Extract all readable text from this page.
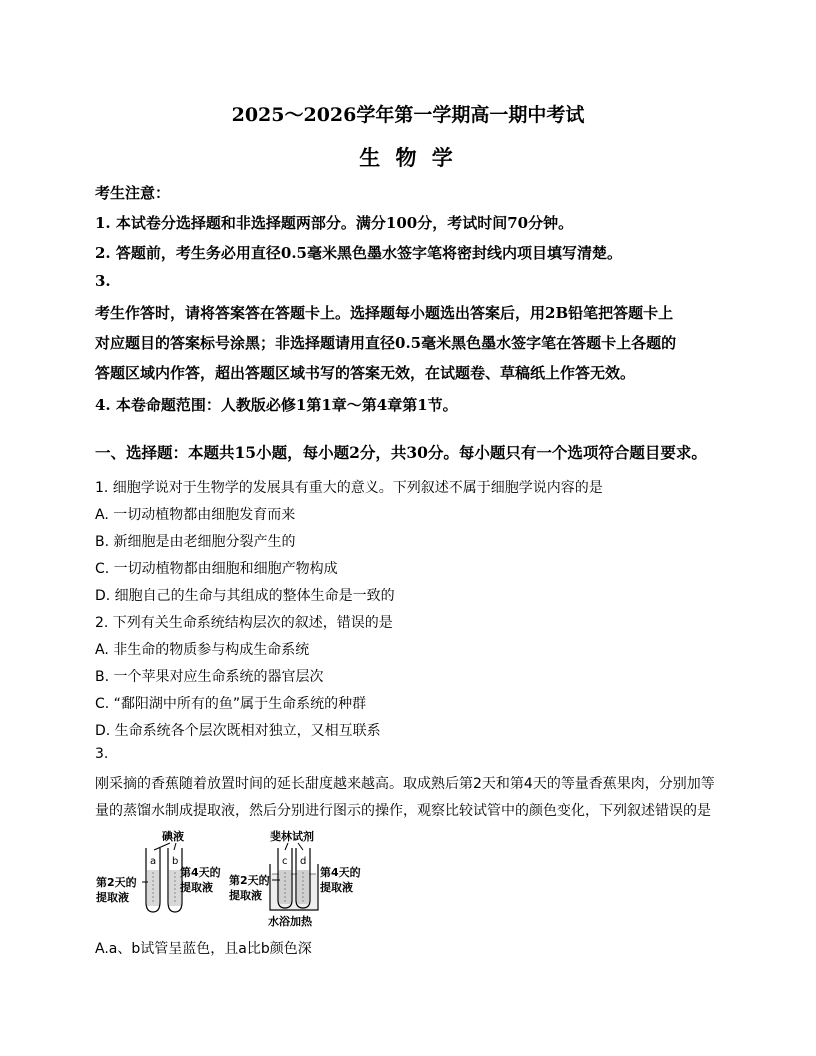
2025～2026学年第一学期高一期中考试
生 物 学
考生注意：
1. 本试卷分选择题和非选择题两部分。满分100分，考试时间70分钟。
2. 答题前，考生务必用直径0.5毫米黑色墨水签字笔将密封线内项目填写清楚。
3.
考生作答时，请将答案答在答题卡上。选择题每小题选出答案后，用2B铅笔把答题卡上
对应题目的答案标号涂黑；非选择题请用直径0.5毫米黑色墨水签字笔在答题卡上各题的
答题区域内作答，超出答题区域书写的答案无效，在试题卷、草稿纸上作答无效。
4. 本卷命题范围：人教版必修1第1章～第4章第1节。
一、选择题：本题共15小题，每小题2分，共30分。每小题只有一个选项符合题目要求。
1. 细胞学说对于生物学的发展具有重大的意义。下列叙述不属于细胞学说内容的是
A. 一切动植物都由细胞发育而来
B. 新细胞是由老细胞分裂产生的
C. 一切动植物都由细胞和细胞产物构成
D. 细胞自己的生命与其组成的整体生命是一致的
2. 下列有关生命系统结构层次的叙述，错误的是
A. 非生命的物质参与构成生命系统
B. 一个苹果对应生命系统的器官层次
C. “鄱阳湖中所有的鱼”属于生命系统的种群
D. 生命系统各个层次既相对独立，又相互联系
3.
刚采摘的香蕉随着放置时间的延长甜度越来越高。取成熟后第2天和第4天的等量香蕉果肉，分别加等
量的蒸馏水制成提取液，然后分别进行图示的操作，观察比较试管中的颜色变化，下列叙述错误的是
碘液
a b
第2天的
提取液
第4天的
提取液
斐林试剂
c d
第2天的
提取液
第4天的
提取液
水浴加热
A.a、b试管呈蓝色，且a比b颜色深
